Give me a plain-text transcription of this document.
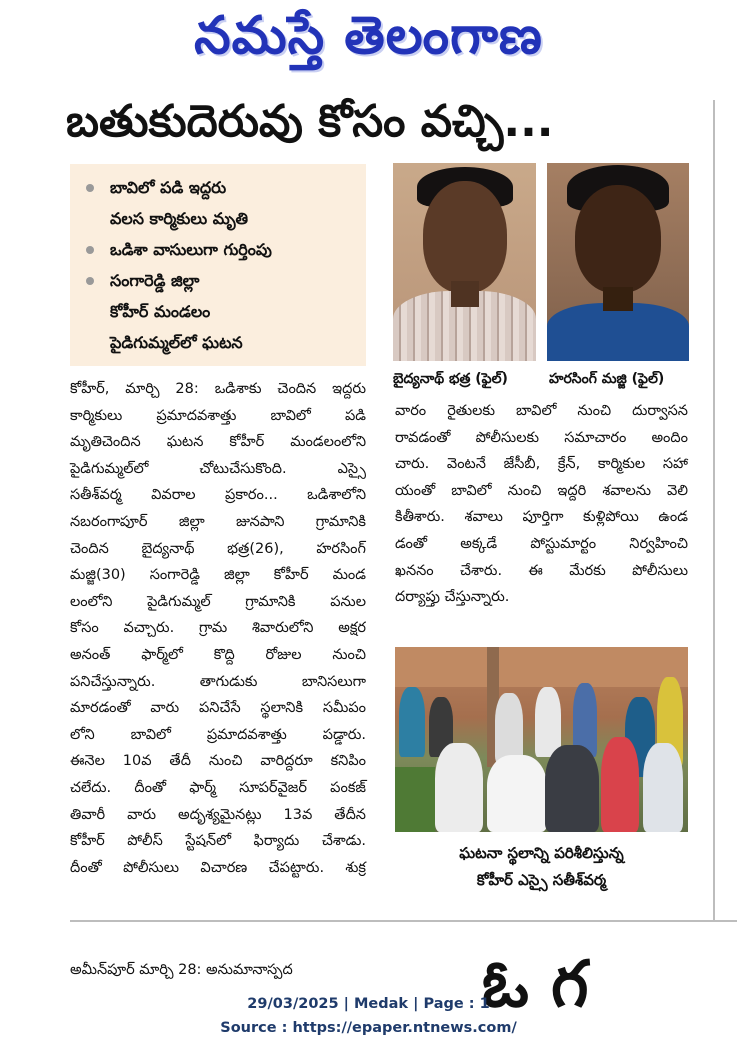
నమస్తే తెలంగాణ
బతుకుదెరువు కోసం వచ్చి...
బావిలో పడి ఇద్దరు
వలస కార్మికులు మృతి
ఒడిశా వాసులుగా గుర్తింపు
సంగారెడ్డి జిల్లా
కోహీర్ మండలం
పైడిగుమ్మల్‌లో ఘటన
బైద్యనాథ్ భత్ర (ఫైల్)	హరసింగ్ మజ్జి (ఫైల్)

కోహీర్, మార్చి 28: ఒడిశాకు చెందిన ఇద్దరు

కార్మికులు ప్రమాదవశాత్తు బావిలో పడి

మృతిచెందిన ఘటన కోహీర్ మండలంలోని

పైడిగుమ్మల్‌లో చోటుచేసుకొంది. ఎస్సై

సతీశ్‌వర్మ వివరాల ప్రకారం... ఒడిశాలోని

నబరంగాపూర్ జిల్లా జునపాని గ్రామానికి

చెందిన బైద్యనాథ్ భత్ర(26), హరసింగ్

మజ్జి(30) సంగారెడ్డి జిల్లా కోహీర్ మండ

లంలోని పైడిగుమ్మల్ గ్రామానికి పనుల

కోసం వచ్చారు. గ్రామ శివారులోని అక్షర

అనంత్ ఫార్మ్‌లో కొద్ది రోజుల నుంచి

పనిచేస్తున్నారు. తాగుడుకు బానిసలుగా

మారడంతో వారు పనిచేసే స్థలానికి సమీపం

లోని బావిలో ప్రమాదవశాత్తు పడ్డారు.

ఈనెల 10వ తేదీ నుంచి వారిద్దరూ కనిపిం

చలేదు. దీంతో ఫార్మ్ సూపర్‌వైజర్ పంకజ్

తివారీ వారు అదృశ్యమైనట్లు 13వ తేదీన

కోహీర్ పోలీస్ స్టేషన్‌లో ఫిర్యాదు చేశాడు.

దీంతో పోలీసులు విచారణ చేపట్టారు. శుక్ర

వారం రైతులకు బావిలో నుంచి దుర్వాసన

రావడంతో పోలీసులకు సమాచారం అందిం

చారు. వెంటనే జేసీబీ, క్రేన్, కార్మికుల సహా

యంతో బావిలో నుంచి ఇద్దరి శవాలను వెలి

కితీశారు. శవాలు పూర్తిగా కుళ్లిపోయి ఉండ

డంతో అక్కడే పోస్టుమార్టం నిర్వహించి

ఖననం చేశారు. ఈ మేరకు పోలీసులు

దర్యాప్తు చేస్తున్నారు.

ఘటనా స్థలాన్ని పరిశీలిస్తున్న
కోహీర్ ఎస్సై సతీశ్‌వర్మ
అమీన్‌పూర్ మార్చి 28: అనుమానాస్పద	ఓ గ
29/03/2025 | Medak | Page : 1
Source : https://epaper.ntnews.com/
